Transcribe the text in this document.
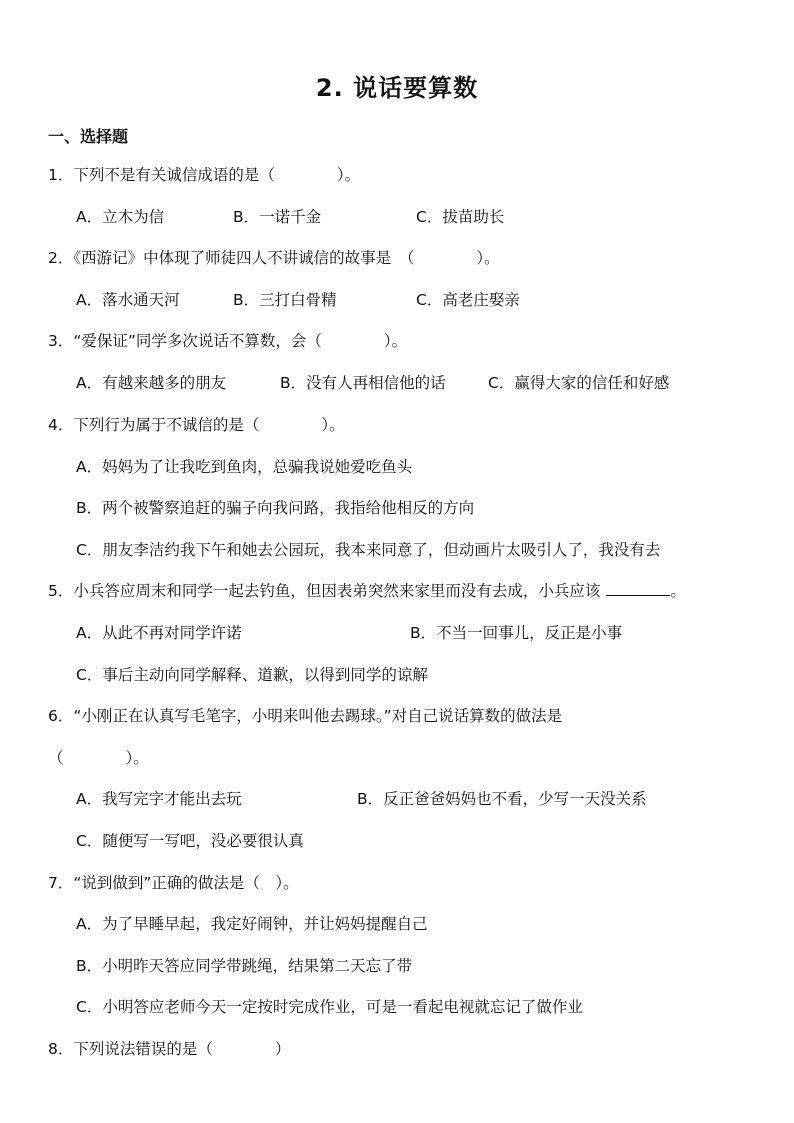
2. 说话要算数
一、选择题
1．下列不是有关诚信成语的是（　　　　）。
A．立木为信	B．一诺千金	C．拔苗助长
2．《西游记》中体现了师徒四人不讲诚信的故事是　（　　　　）。
A．落水通天河	B．三打白骨精	C．高老庄娶亲
3．“爱保证”同学多次说话不算数，会（　　　　）。
A．有越来越多的朋友	B．没有人再相信他的话	C．赢得大家的信任和好感
4．下列行为属于不诚信的是（　　　　）。
A．妈妈为了让我吃到鱼肉，总骗我说她爱吃鱼头
B．两个被警察追赶的骗子向我问路，我指给他相反的方向
C．朋友李洁约我下午和她去公园玩，我本来同意了，但动画片太吸引人了，我没有去
5．小兵答应周末和同学一起去钓鱼，但因表弟突然来家里而没有去成，小兵应该	。
A．从此不再对同学许诺	B．不当一回事儿，反正是小事
C．事后主动向同学解释、道歉，以得到同学的谅解
6．“小刚正在认真写毛笔字，小明来叫他去踢球。”对自己说话算数的做法是
（　　　　）。
A．我写完字才能出去玩	B．反正爸爸妈妈也不看，少写一天没关系
C．随便写一写吧，没必要很认真
7．“说到做到”正确的做法是（　）。
A．为了早睡早起，我定好闹钟，并让妈妈提醒自己
B．小明昨天答应同学带跳绳，结果第二天忘了带
C．小明答应老师今天一定按时完成作业，可是一看起电视就忘记了做作业
8．下列说法错误的是（　　　　）
